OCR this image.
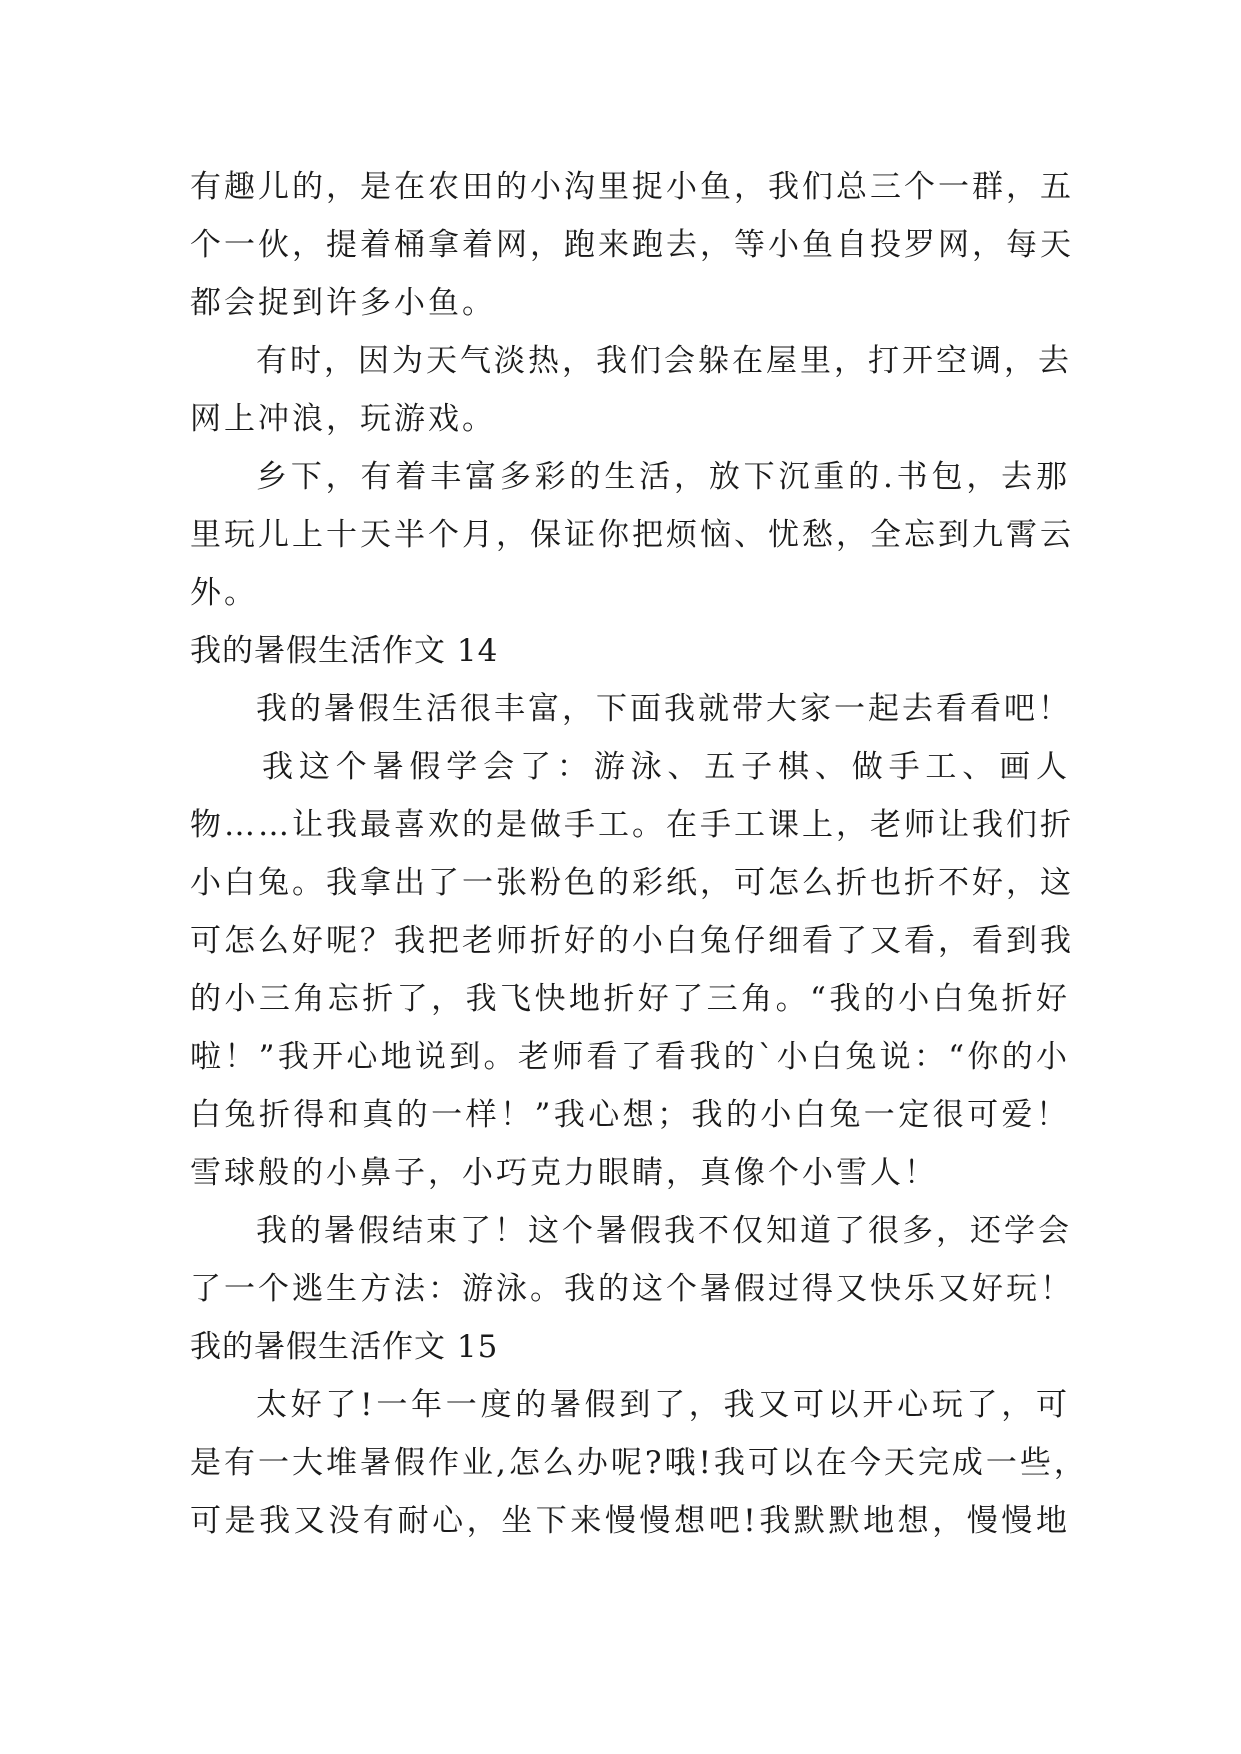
有趣儿的，是在农田的小沟里捉小鱼，我们总三个一群，五
个一伙，提着桶拿着网，跑来跑去，等小鱼自投罗网，每天
都会捉到许多小鱼。
有时，因为天气淡热，我们会躲在屋里，打开空调，去
网上冲浪，玩游戏。
乡下，有着丰富多彩的生活，放下沉重的.书包，去那
里玩儿上十天半个月，保证你把烦恼、忧愁，全忘到九霄云
外。
我的暑假生活作文 14
我的暑假生活很丰富，下面我就带大家一起去看看吧！
我这个暑假学会了：游泳、五子棋、做手工、画人
物……让我最喜欢的是做手工。在手工课上，老师让我们折
小白兔。我拿出了一张粉色的彩纸，可怎么折也折不好，这
可怎么好呢？我把老师折好的小白兔仔细看了又看，看到我
的小三角忘折了，我飞快地折好了三角。“我的小白兔折好
啦！”我开心地说到。老师看了看我的`小白兔说：“你的小
白兔折得和真的一样！”我心想；我的小白兔一定很可爱！
雪球般的小鼻子，小巧克力眼睛，真像个小雪人！
我的暑假结束了！这个暑假我不仅知道了很多，还学会
了一个逃生方法：游泳。我的这个暑假过得又快乐又好玩！
我的暑假生活作文 15
太好了!一年一度的暑假到了，我又可以开心玩了，可
是有一大堆暑假作业,怎么办呢?哦!我可以在今天完成一些，
可是我又没有耐心，坐下来慢慢想吧!我默默地想，慢慢地
